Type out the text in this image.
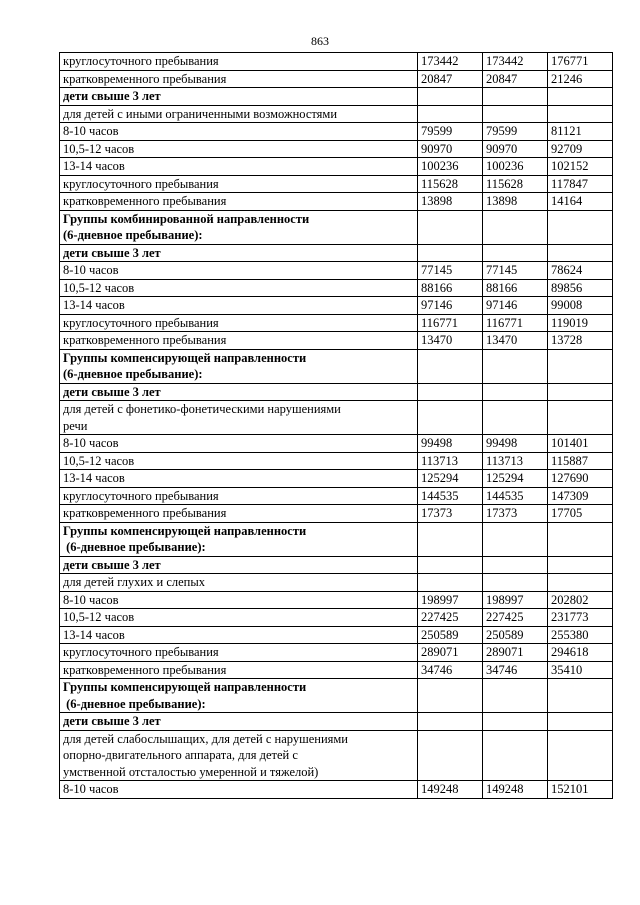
863
круглосуточного пребывания	173442	173442	176771

кратковременного пребывания	20847	20847	21246

дети свыше 3 лет			

для детей с иными ограниченными возможностями			

8-10 часов	79599	79599	81121

10,5-12 часов	90970	90970	92709

13-14 часов	100236	100236	102152

круглосуточного пребывания	115628	115628	117847

кратковременного пребывания	13898	13898	14164

Группы комбинированной направленности
(6-дневное пребывание):			

дети свыше 3 лет			

8-10 часов	77145	77145	78624

10,5-12 часов	88166	88166	89856

13-14 часов	97146	97146	99008

круглосуточного пребывания	116771	116771	119019

кратковременного пребывания	13470	13470	13728

Группы компенсирующей направленности
(6-дневное пребывание):			

дети свыше 3 лет			

для детей с фонетико-фонетическими нарушениями
речи			

8-10 часов	99498	99498	101401

10,5-12 часов	113713	113713	115887

13-14 часов	125294	125294	127690

круглосуточного пребывания	144535	144535	147309

кратковременного пребывания	17373	17373	17705

Группы компенсирующей направленности
(6-дневное пребывание):			

дети свыше 3 лет			

для детей глухих и слепых			

8-10 часов	198997	198997	202802

10,5-12 часов	227425	227425	231773

13-14 часов	250589	250589	255380

круглосуточного пребывания	289071	289071	294618

кратковременного пребывания	34746	34746	35410

Группы компенсирующей направленности
(6-дневное пребывание):			

дети свыше 3 лет			

для детей слабослышащих, для детей с нарушениями
опорно-двигательного аппарата, для детей с
умственной отсталостью умеренной и тяжелой)			

8-10 часов	149248	149248	152101
